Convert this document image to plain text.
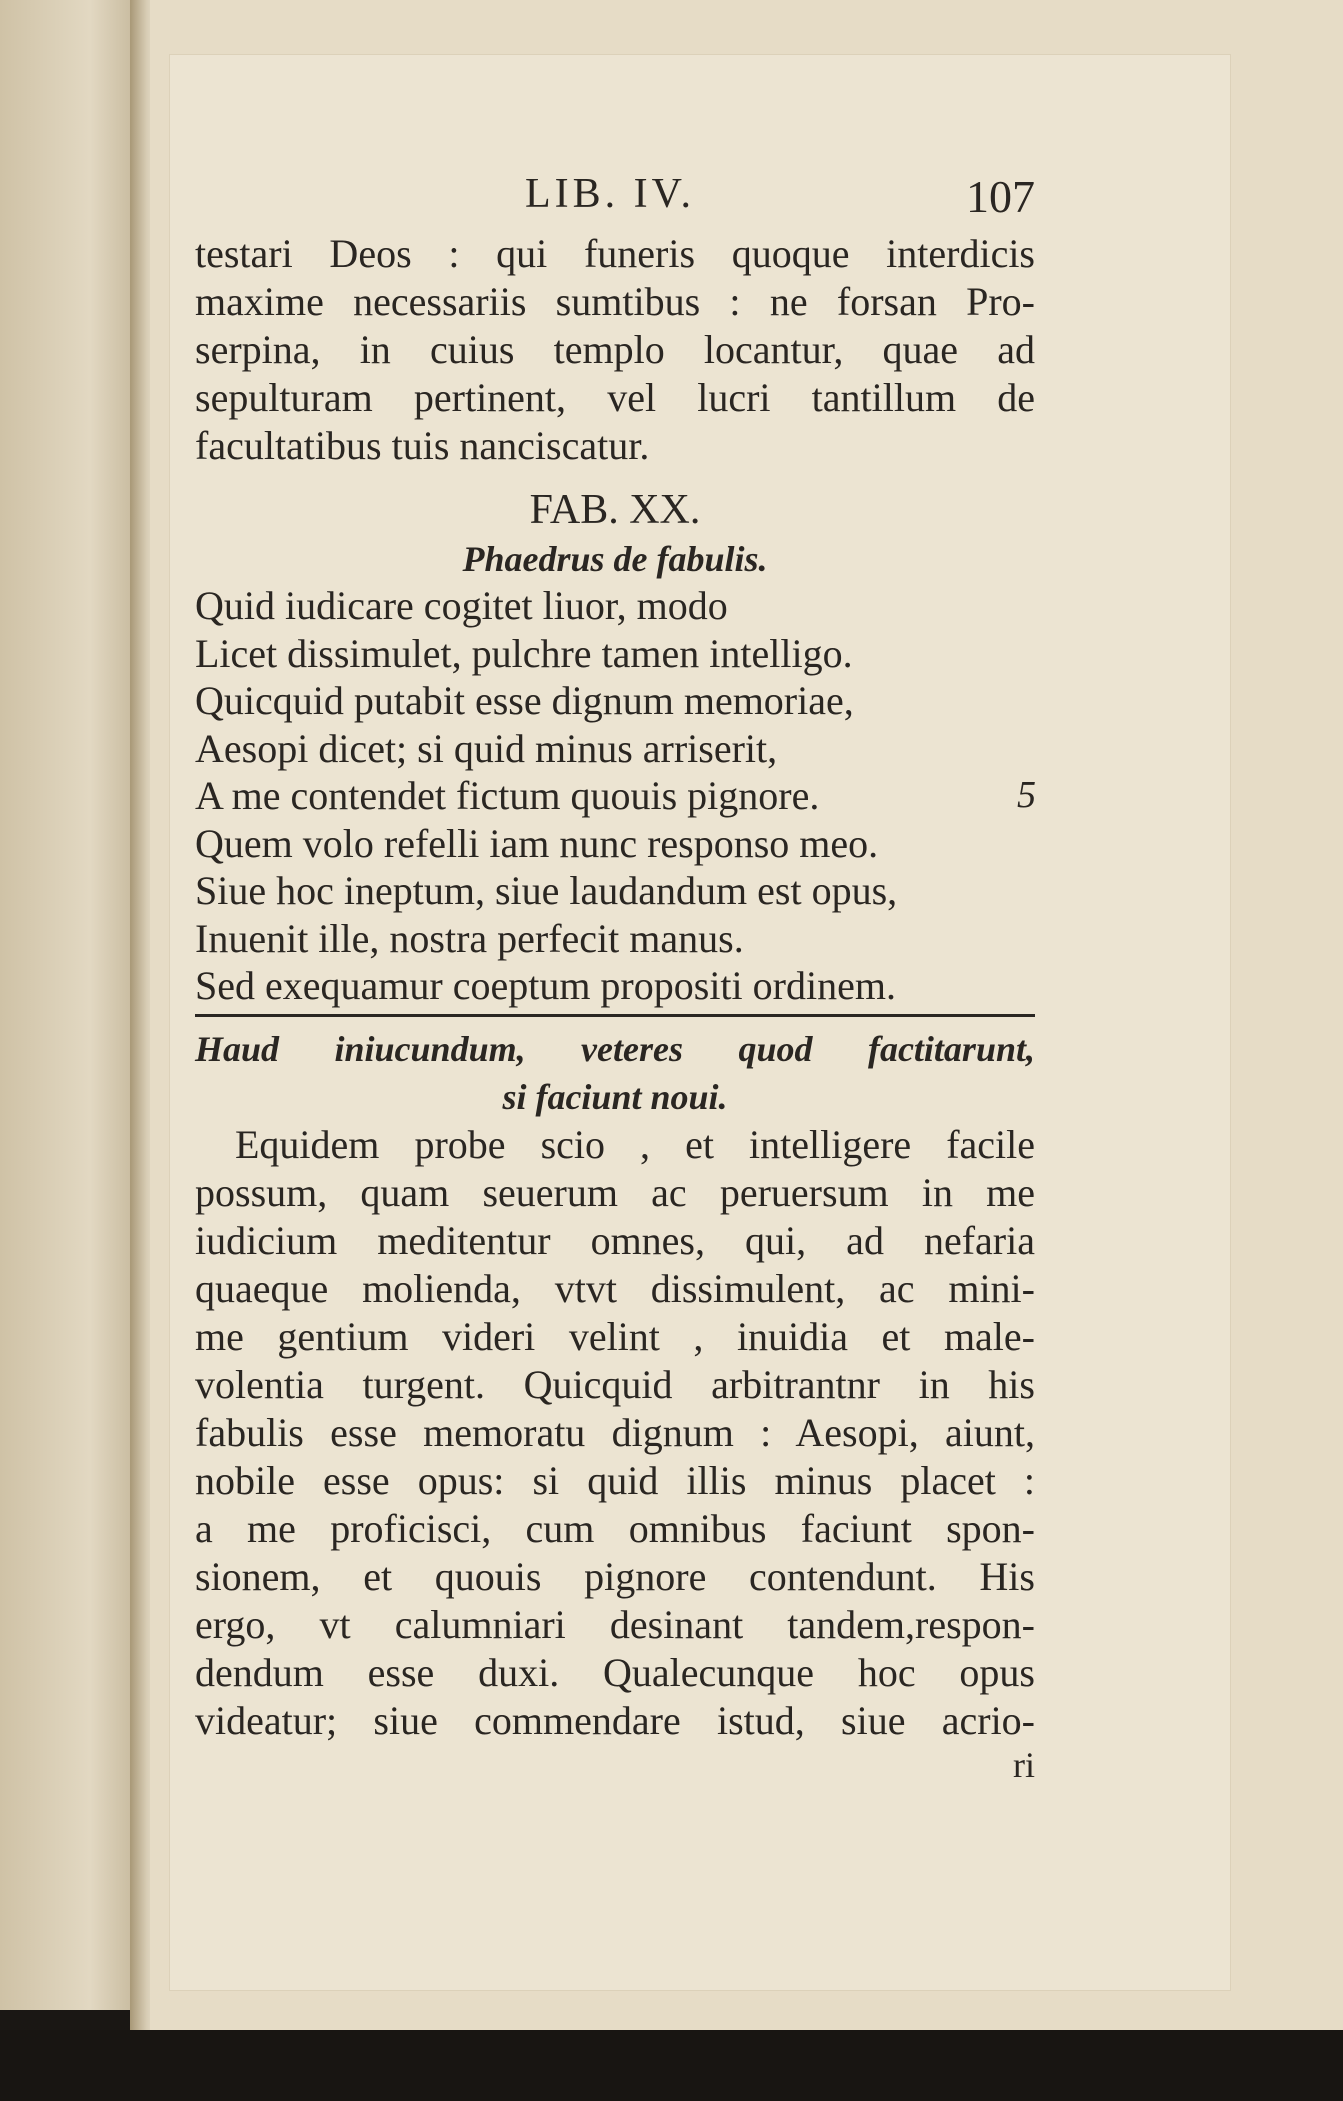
LIB. IV.	107
testari Deos : qui funeris quoque interdicis
maxime necessariis sumtibus : ne forsan Pro-
serpina, in cuius templo locantur, quae ad
sepulturam pertinent, vel lucri tantillum de
facultatibus tuis nanciscatur.
FAB. XX.
Phaedrus de fabulis.
Quid iudicare cogitet liuor, modo
Licet dissimulet, pulchre tamen intelligo.
Quicquid putabit esse dignum memoriae,
Aesopi dicet; si quid minus arriserit,
A me contendet fictum quouis pignore.	5
Quem volo refelli iam nunc responso meo.
Siue hoc ineptum, siue laudandum est opus,
Inuenit ille, nostra perfecit manus.
Sed exequamur coeptum propositi ordinem.
Haud iniucundum, veteres quod factitarunt,
si faciunt noui.
Equidem probe scio , et intelligere facile
possum, quam seuerum ac peruersum in me
iudicium meditentur omnes, qui, ad nefaria
quaeque molienda, vtvt dissimulent, ac mini-
me gentium videri velint , inuidia et male-
volentia turgent. Quicquid arbitrantnr in his
fabulis esse memoratu dignum : Aesopi, aiunt,
nobile esse opus: si quid illis minus placet :
a me proficisci, cum omnibus faciunt spon-
sionem, et quouis pignore contendunt. His
ergo, vt calumniari desinant tandem,respon-
dendum esse duxi. Qualecunque hoc opus
videatur; siue commendare istud, siue acrio-
ri
